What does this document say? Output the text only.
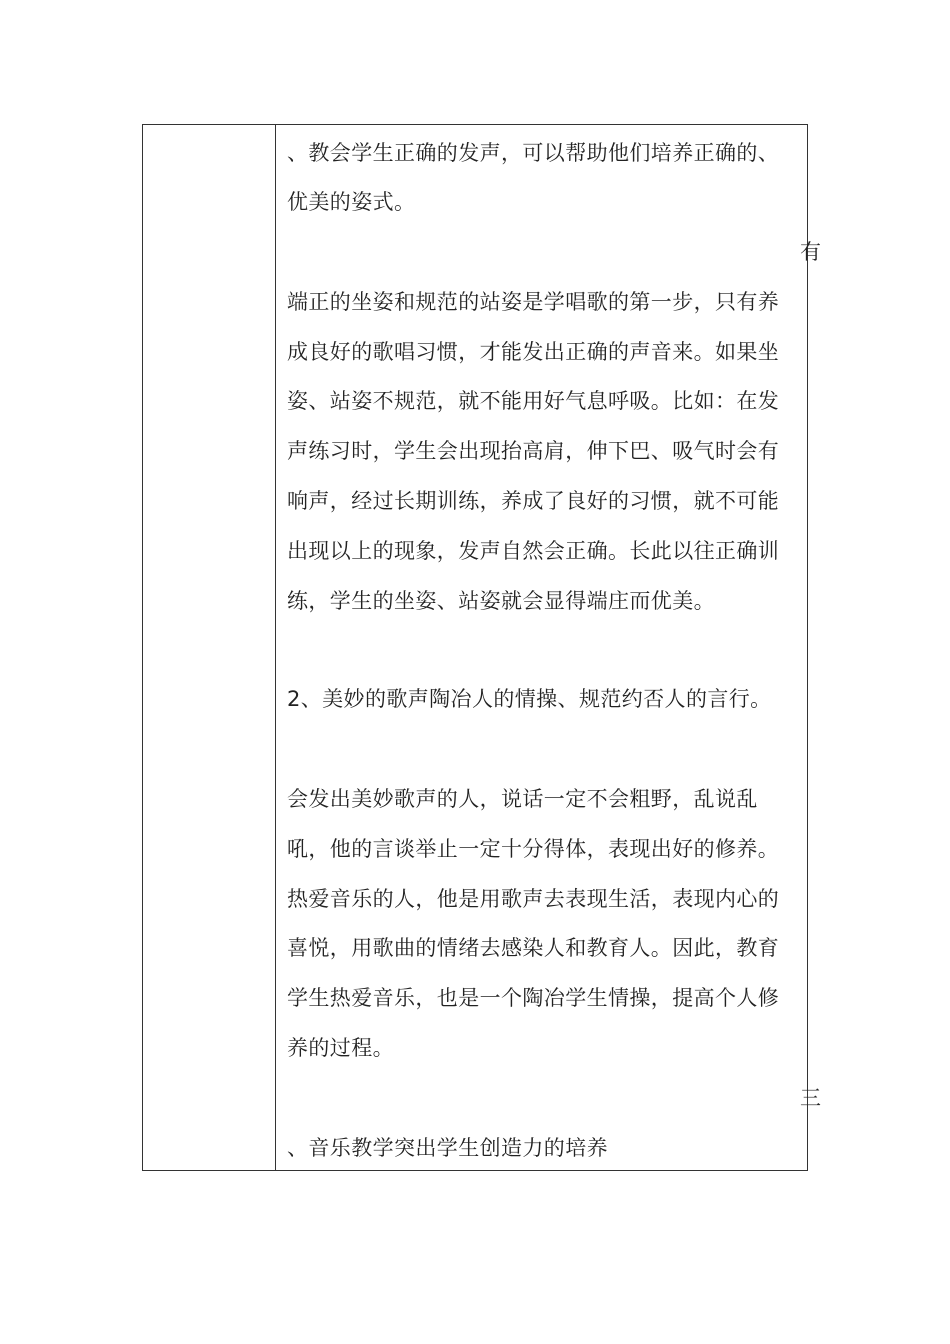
、教会学生正确的发声，可以帮助他们培养正确的、
优美的姿式。
有
端正的坐姿和规范的站姿是学唱歌的第一步，只有养
成良好的歌唱习惯，才能发出正确的声音来。如果坐
姿、站姿不规范，就不能用好气息呼吸。比如：在发
声练习时，学生会出现抬高肩，伸下巴、吸气时会有
响声，经过长期训练，养成了良好的习惯，就不可能
出现以上的现象，发声自然会正确。长此以往正确训
练，学生的坐姿、站姿就会显得端庄而优美。
2、美妙的歌声陶冶人的情操、规范约否人的言行。
会发出美妙歌声的人，说话一定不会粗野，乱说乱
吼，他的言谈举止一定十分得体，表现出好的修养。
热爱音乐的人，他是用歌声去表现生活，表现内心的
喜悦，用歌曲的情绪去感染人和教育人。因此，教育
学生热爱音乐，也是一个陶冶学生情操，提高个人修
养的过程。
三
、音乐教学突出学生创造力的培养
